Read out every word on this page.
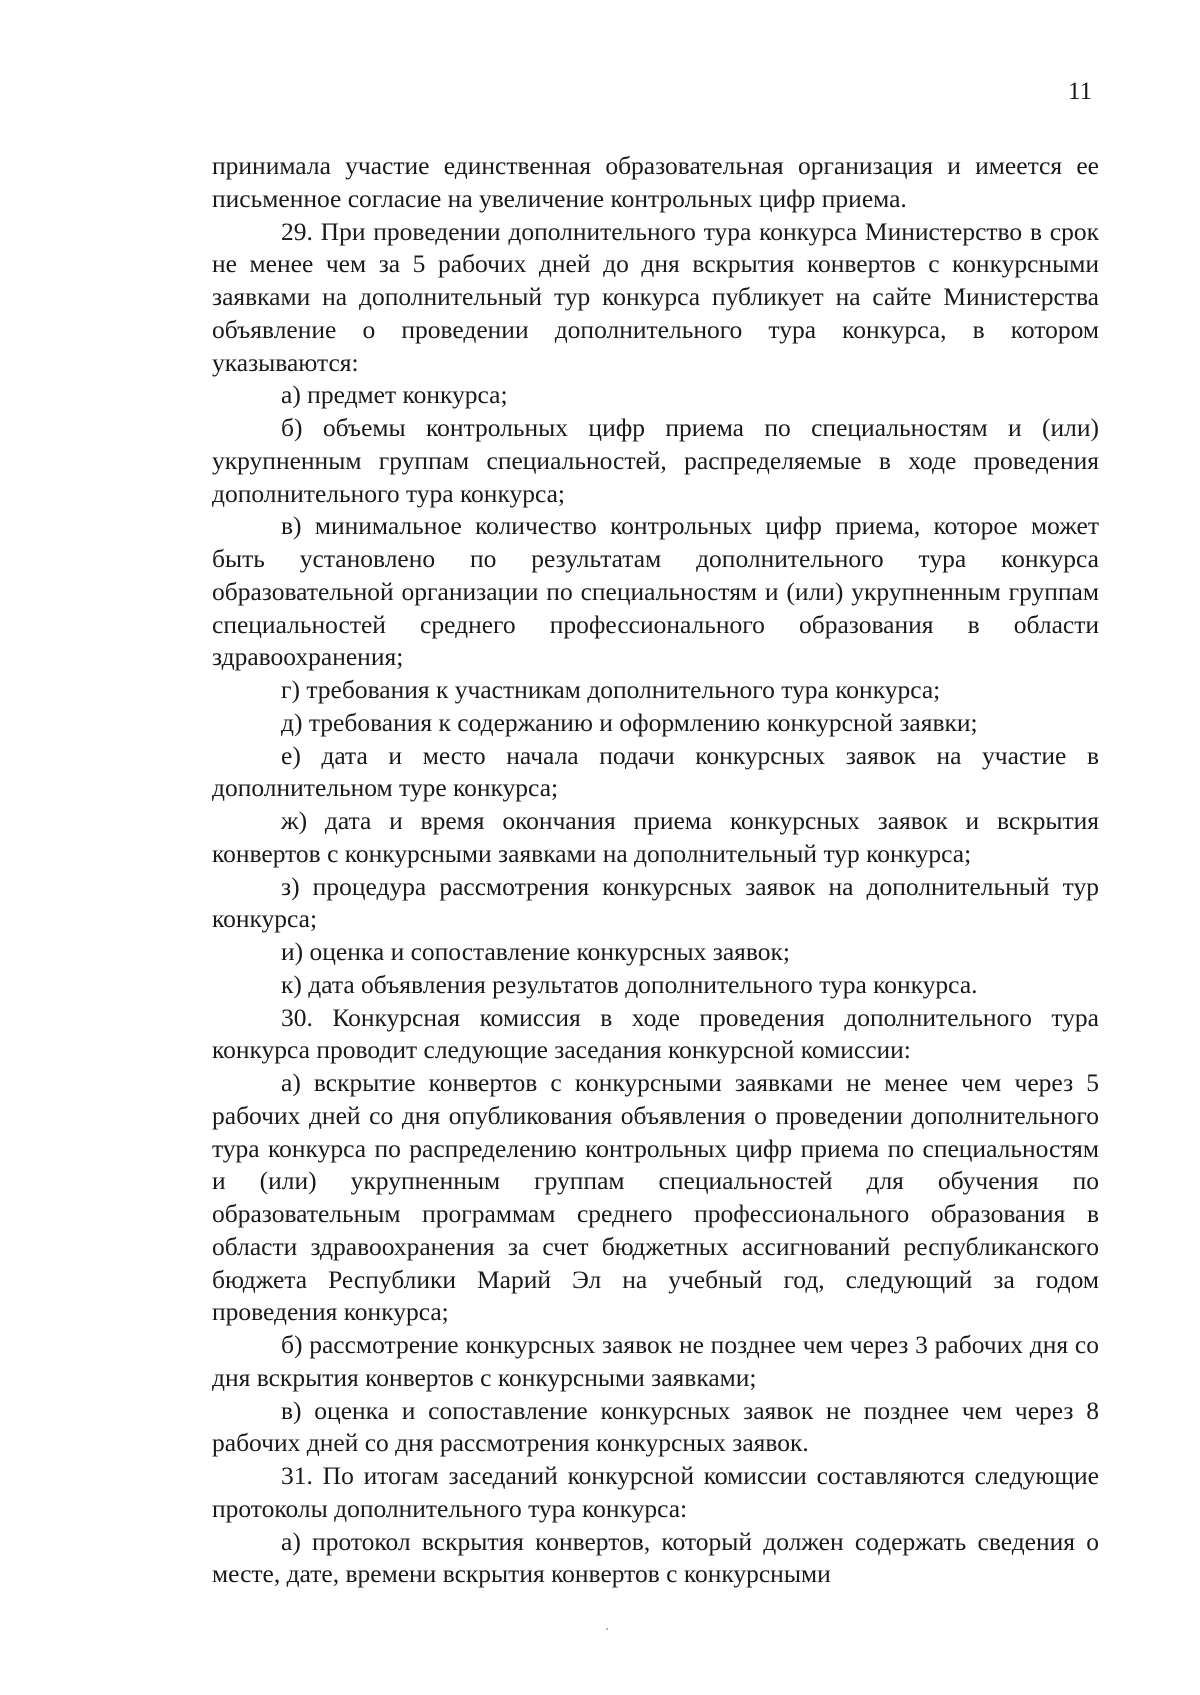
11

принимала участие единственная образовательная организация и имеется ее письменное согласие на увеличение контрольных цифр приема.

29. При проведении дополнительного тура конкурса Министерство в срок не менее чем за 5 рабочих дней до дня вскрытия конвертов с конкурсными заявками на дополнительный тур конкурса публикует на сайте Министерства объявление о проведении дополнительного тура конкурса, в котором указываются:

а) предмет конкурса;

б) объемы контрольных цифр приема по специальностям и (или) укрупненным группам специальностей, распределяемые в ходе проведения дополнительного тура конкурса;

в) минимальное количество контрольных цифр приема, которое может быть установлено по результатам дополнительного тура конкурса образовательной организации по специальностям и (или) укрупненным группам специальностей среднего профессионального образования в области здравоохранения;

г) требования к участникам дополнительного тура конкурса;

д) требования к содержанию и оформлению конкурсной заявки;

е) дата и место начала подачи конкурсных заявок на участие в дополнительном туре конкурса;

ж) дата и время окончания приема конкурсных заявок и вскрытия конвертов с конкурсными заявками на дополнительный тур конкурса;

з) процедура рассмотрения конкурсных заявок на дополнительный тур конкурса;

и) оценка и сопоставление конкурсных заявок;

к) дата объявления результатов дополнительного тура конкурса.

30. Конкурсная комиссия в ходе проведения дополнительного тура конкурса проводит следующие заседания конкурсной комиссии:

а) вскрытие конвертов с конкурсными заявками не менее чем через 5 рабочих дней со дня опубликования объявления о проведении дополнительного тура конкурса по распределению контрольных цифр приема по специальностям и (или) укрупненным группам специальностей для обучения по образовательным программам среднего профессионального образования в области здравоохранения за счет бюджетных ассигнований республиканского бюджета Республики Марий Эл на учебный год, следующий за годом проведения конкурса;

б) рассмотрение конкурсных заявок не позднее чем через 3 рабочих дня со дня вскрытия конвертов с конкурсными заявками;

в) оценка и сопоставление конкурсных заявок не позднее чем через 8 рабочих дней со дня рассмотрения конкурсных заявок.

31. По итогам заседаний конкурсной комиссии составляются следующие протоколы дополнительного тура конкурса:

а) протокол вскрытия конвертов, который должен содержать сведения о месте, дате, времени вскрытия конвертов с конкурсными
